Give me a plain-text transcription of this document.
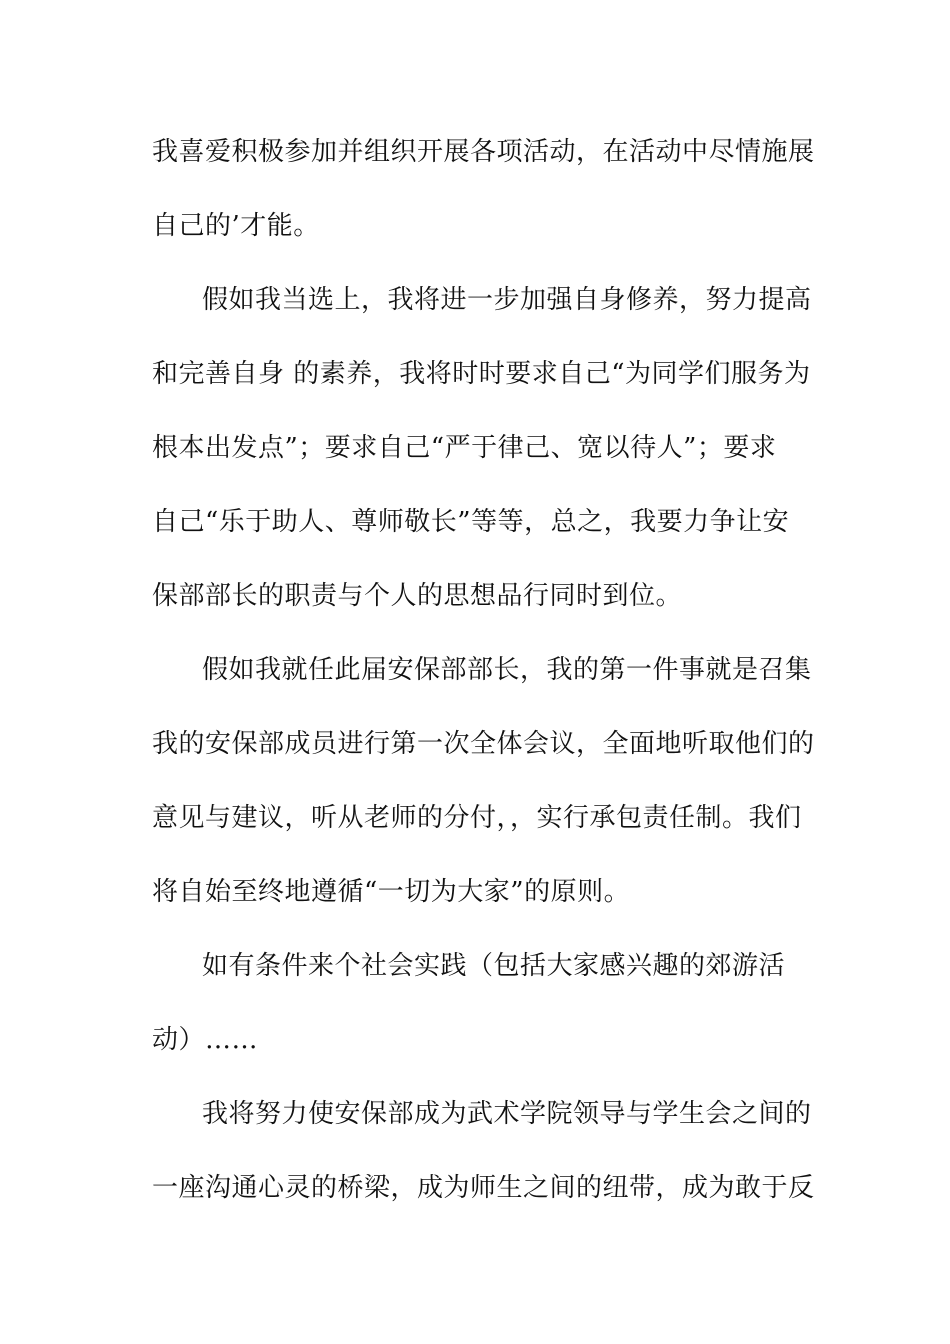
我喜爱积极参加并组织开展各项活动，在活动中尽情施展
自己的’才能。
假如我当选上，我将进一步加强自身修养，努力提高
和完善自身 的素养，我将时时要求自己“为同学们服务为
根本出发点”；要求自己“严于律己、宽以待人”；要求
自己“乐于助人、尊师敬长”等等，总之，我要力争让安
保部部长的职责与个人的思想品行同时到位。
假如我就任此届安保部部长，我的第一件事就是召集
我的安保部成员进行第一次全体会议，全面地听取他们的
意见与建议，听从老师的分付，，实行承包责任制。我们
将自始至终地遵循“一切为大家”的原则。
如有条件来个社会实践（包括大家感兴趣的郊游活
动）……
我将努力使安保部成为武术学院领导与学生会之间的
一座沟通心灵的桥梁，成为师生之间的纽带，成为敢于反
